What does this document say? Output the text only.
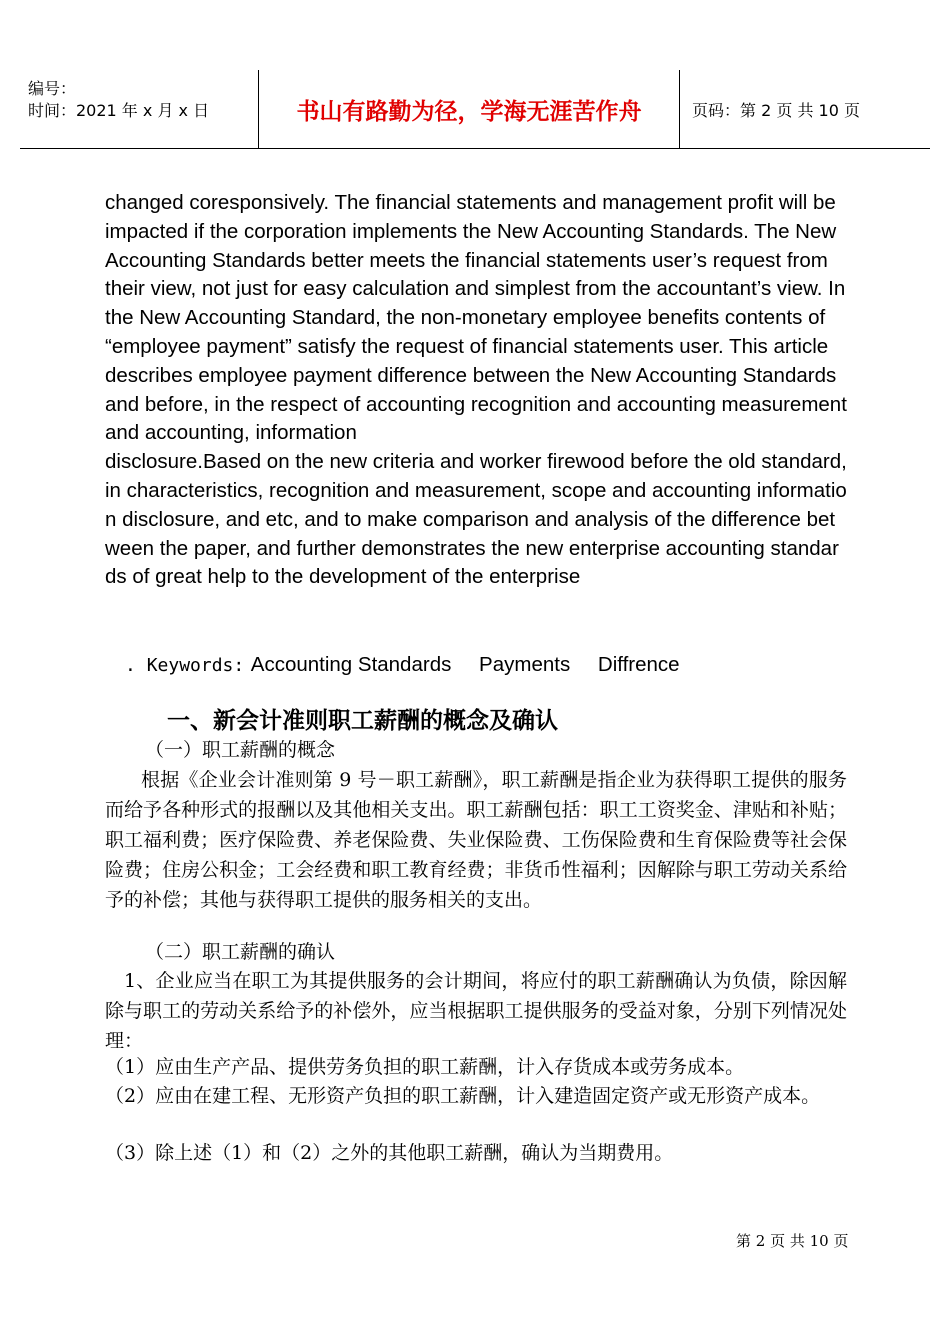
编号：
时间：2021 年 x 月 x 日	书山有路勤为径，学海无涯苦作舟	页码：第 2 页 共 10 页

changed coresponsively. The financial statements and management profit will be impacted if the corporation implements the New Accounting Standards. The New Accounting Standards better meets the financial statements user’s request from their view, not just for easy calculation and simplest from the accountant’s view. In the New Accounting Standard, the non-monetary employee benefits contents of “employee payment” satisfy the request of financial statements user. This article describes employee payment difference between the New Accounting Standards and before, in the respect of accounting recognition and accounting measurement and accounting, information

disclosure.Based on the new criteria and worker firewood before the old standard, in characteristics, recognition and measurement, scope and accounting information disclosure, and etc, and to make comparison and analysis of the difference between the paper, and further demonstrates the new enterprise accounting standards of great help to the development of the enterprise

. Keywords: Accounting Standards Payments Diffrence
一、新会计准则职工薪酬的概念及确认
（一）职工薪酬的概念
根据《企业会计准则第 9 号－职工薪酬》，职工薪酬是指企业为获得职工提供的服务而给予各种形式的报酬以及其他相关支出。职工薪酬包括：职工工资奖金、津贴和补贴；职工福利费；医疗保险费、养老保险费、失业保险费、工伤保险费和生育保险费等社会保险费；住房公积金；工会经费和职工教育经费；非货币性福利；因解除与职工劳动关系给予的补偿；其他与获得职工提供的服务相关的支出。
（二）职工薪酬的确认
1、企业应当在职工为其提供服务的会计期间，将应付的职工薪酬确认为负债，除因解除与职工的劳动关系给予的补偿外，应当根据职工提供服务的受益对象，分别下列情况处理：
（1）应由生产产品、提供劳务负担的职工薪酬，计入存货成本或劳务成本。
（2）应由在建工程、无形资产负担的职工薪酬，计入建造固定资产或无形资产成本。
（3）除上述（1）和（2）之外的其他职工薪酬，确认为当期费用。
第 2 页 共 10 页
